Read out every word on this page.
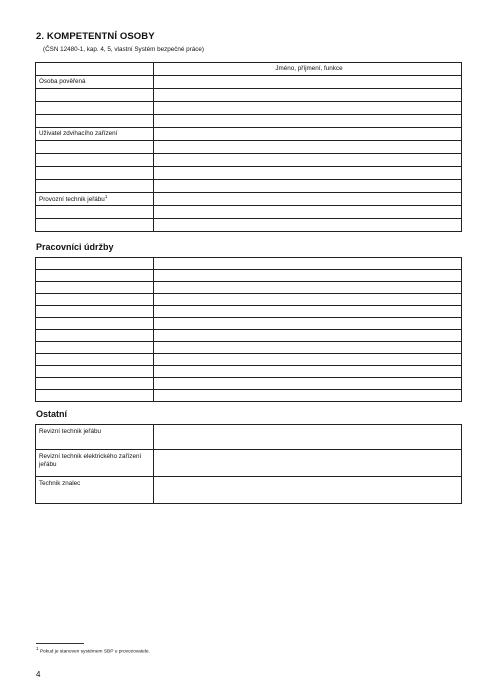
2. KOMPETENTNÍ OSOBY
(ČSN 12480-1, kap. 4, 5, vlastní Systém bezpečné práce)
	Jméno, příjmení, funkce
Osoba pověřená	

Uživatel zdvihacího zařízení	

Provozní technik jeřábu$^1$	

Pracovníci údržby

Ostatní
Revizní technik jeřábu	
Revizní technik elektrického zařízení jeřábu	
Technik znalec	
$^1$ Pokud je stanoven systémem SBP u provozovatele.
4
